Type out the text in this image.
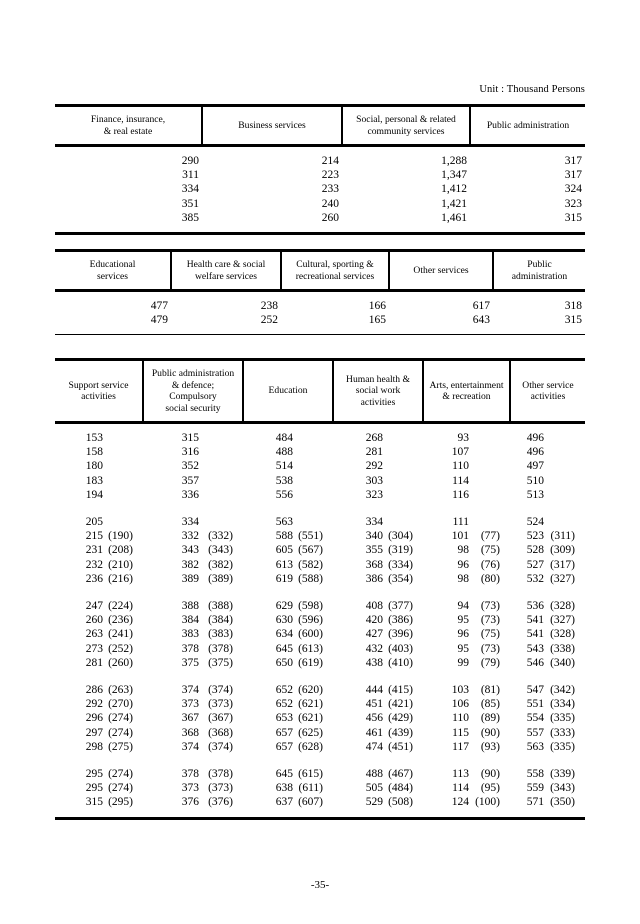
Unit : Thousand Persons
Finance, insurance,
& real estate	Business services	Social, personal & related
community services	Public administration
290	214	1,288	317
311	223	1,347	317
334	233	1,412	324
351	240	1,421	323
385	260	1,461	315
Educational
services	Health care & social
welfare services	Cultural, sporting &
recreational services	Other services	Public
administration
477	238	166	617	318
479	252	165	643	315
Support service
activities	Public administration
& defence; Compulsory
social security	Education	Human health &
social work
activities	Arts, entertainment
& recreation	Other service
activities
153		315		484		268		93		496	
158		316		488		281		107		496	
180		352		514		292		110		497	
183		357		538		303		114		510	
194		336		556		323		116		513	

205		334		563		334		111		524	
215	(190)	332	(332)	588	(551)	340	(304)	101	(77)	523	(311)
231	(208)	343	(343)	605	(567)	355	(319)	98	(75)	528	(309)
232	(210)	382	(382)	613	(582)	368	(334)	96	(76)	527	(317)
236	(216)	389	(389)	619	(588)	386	(354)	98	(80)	532	(327)

247	(224)	388	(388)	629	(598)	408	(377)	94	(73)	536	(328)
260	(236)	384	(384)	630	(596)	420	(386)	95	(73)	541	(327)
263	(241)	383	(383)	634	(600)	427	(396)	96	(75)	541	(328)
273	(252)	378	(378)	645	(613)	432	(403)	95	(73)	543	(338)
281	(260)	375	(375)	650	(619)	438	(410)	99	(79)	546	(340)

286	(263)	374	(374)	652	(620)	444	(415)	103	(81)	547	(342)
292	(270)	373	(373)	652	(621)	451	(421)	106	(85)	551	(334)
296	(274)	367	(367)	653	(621)	456	(429)	110	(89)	554	(335)
297	(274)	368	(368)	657	(625)	461	(439)	115	(90)	557	(333)
298	(275)	374	(374)	657	(628)	474	(451)	117	(93)	563	(335)

295	(274)	378	(378)	645	(615)	488	(467)	113	(90)	558	(339)
295	(274)	373	(373)	638	(611)	505	(484)	114	(95)	559	(343)
315	(295)	376	(376)	637	(607)	529	(508)	124	(100)	571	(350)
-35-
